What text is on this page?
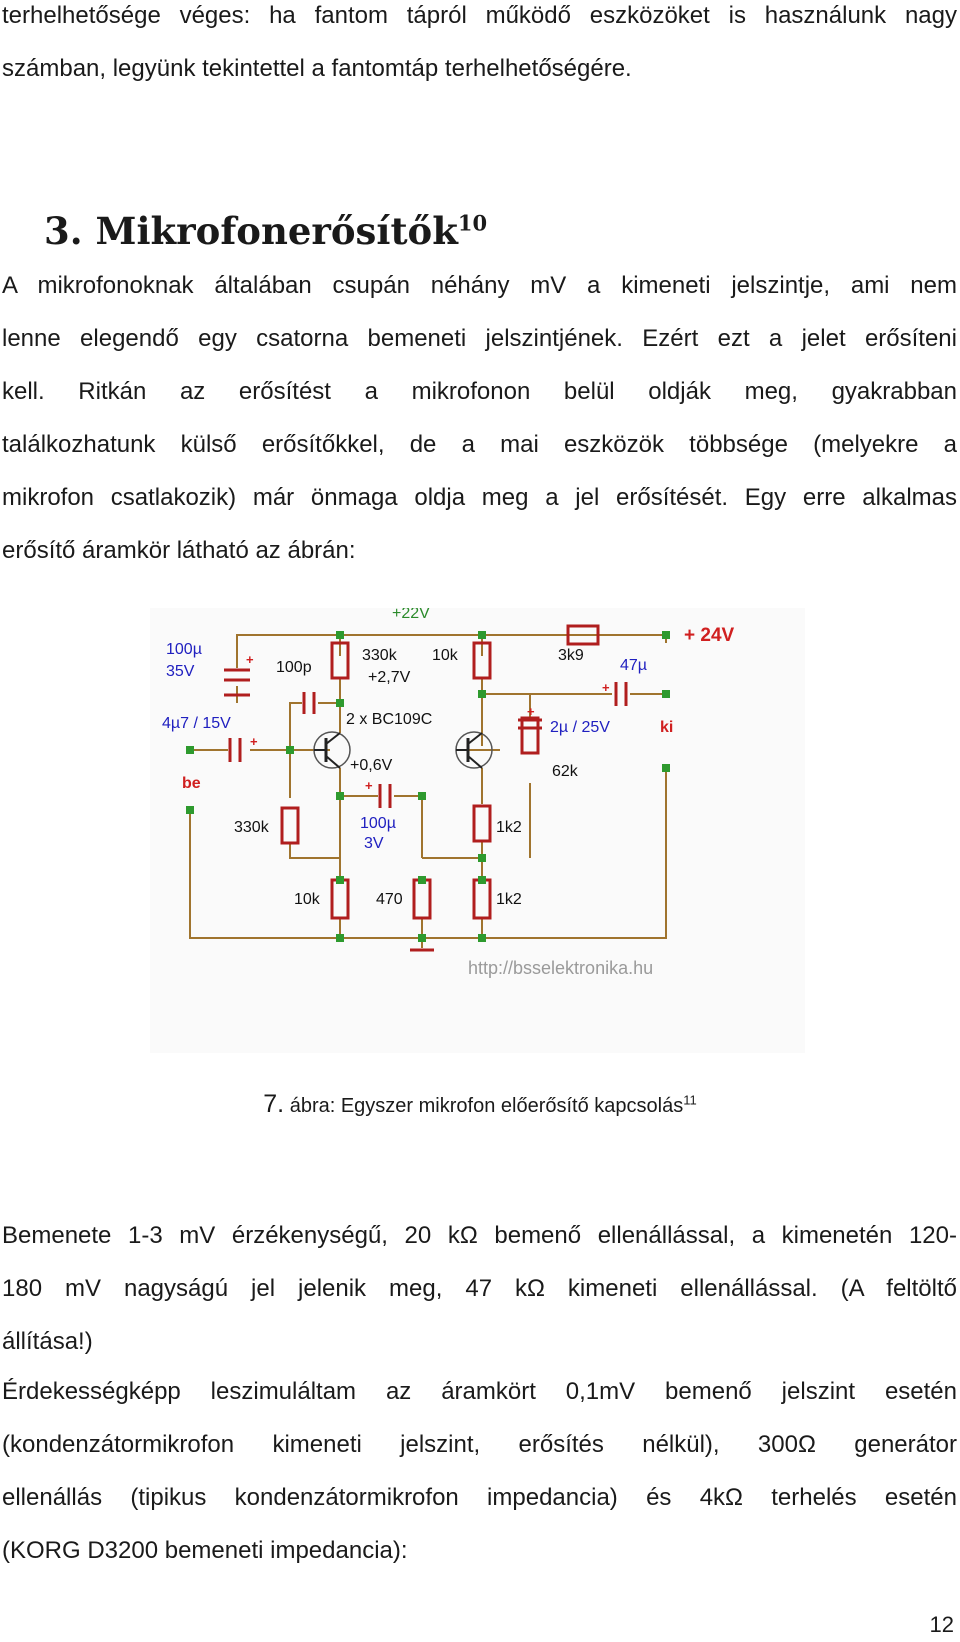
terhelhetősége véges: ha fantom tápról működő eszközöket is használunk nagy
számban, legyünk tekintettel a fantomtáp terhelhetőségére.
3. Mikrofonerősítők$^{10}$
A mikrofonoknak általában csupán néhány mV a kimeneti jelszintje, ami nem
lenne elegendő egy csatorna bemeneti jelszintjének. Ezért ezt a jelet erősíteni
kell. Ritkán az erősítést a mikrofonon belül oldják meg, gyakrabban
találkozhatunk külső erősítőkkel, de a mai eszközök többsége (melyekre a
mikrofon csatlakozik) már önmaga oldja meg a jel erősítését. Egy erre alkalmas
erősítő áramkör látható az ábrán:
+
+
+
+
+
+22V
+ 24V
100µ
35V	100p
330k
+2,7V
10k	3k9
47µ
4µ7 / 15V	2 x BC109C	2µ / 25V	ki
be
+0,6V	62k
330k	100µ
3V
1k2
10k	470	1k2
http://bsselektronika.hu

7. ábra: Egyszer mikrofon előerősítő kapcsolás$^{11}$

Bemenete 1-3 mV érzékenységű, 20 kΩ bemenő ellenállással, a kimenetén 120-
180 mV nagyságú jel jelenik meg, 47 kΩ kimeneti ellenállással. (A feltöltő
állítása!)
Érdekességképp leszimuláltam az áramkört 0,1mV bemenő jelszint esetén
(kondenzátormikrofon kimeneti jelszint, erősítés nélkül), 300Ω generátor
ellenállás (tipikus kondenzátormikrofon impedancia) és 4kΩ terhelés esetén
(KORG D3200 bemeneti impedancia):
12
